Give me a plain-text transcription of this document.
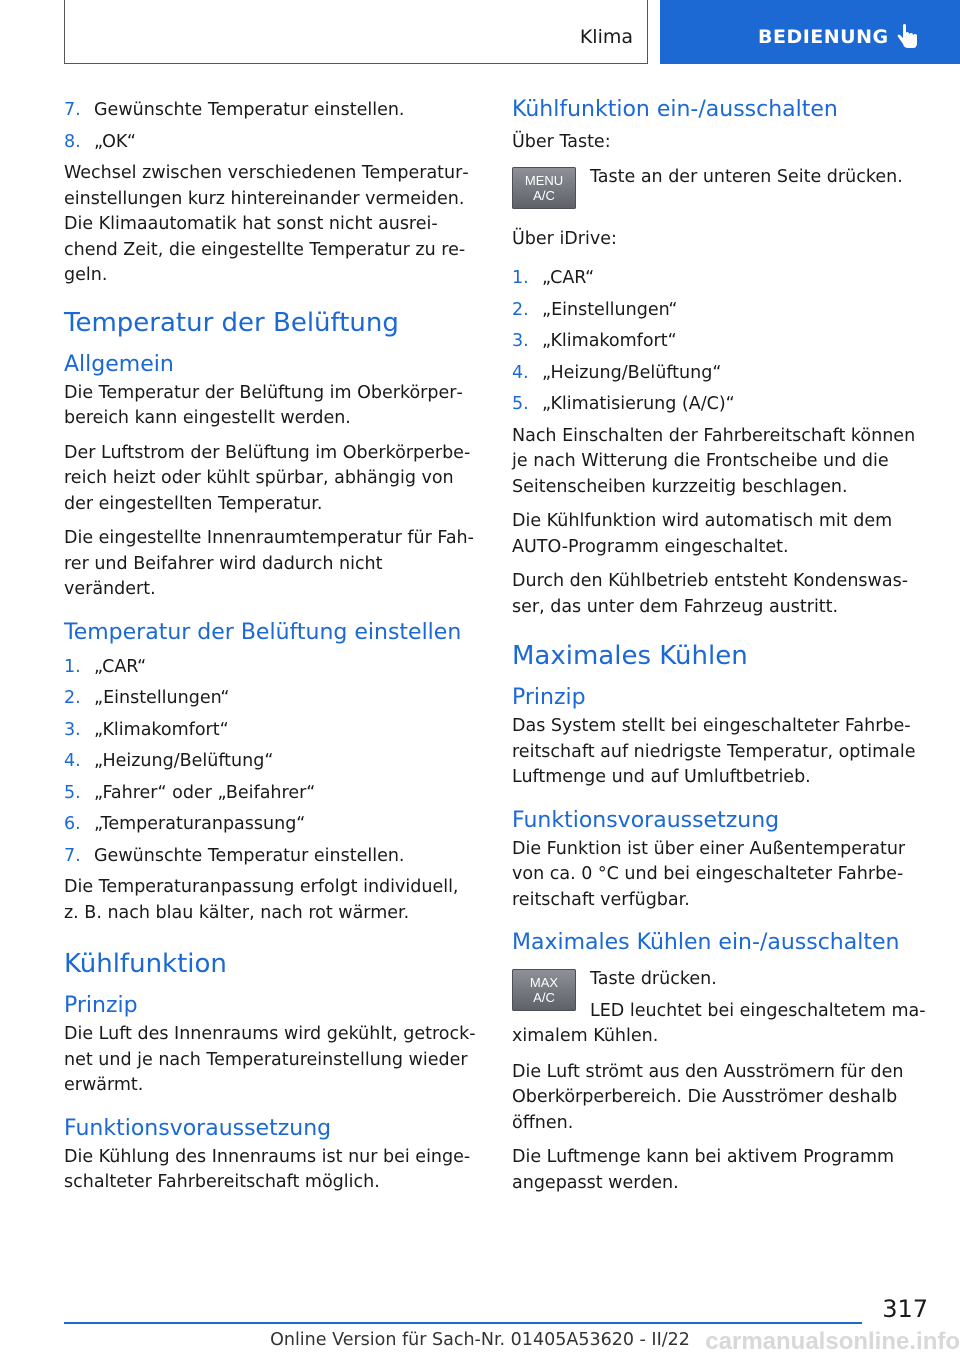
Klima	BEDIENUNG
7. Gewünschte Temperatur einstellen.
8. „OK“

Wechsel zwischen verschiedenen Temperatureinstellungen kurz hintereinander vermeiden. Die Klimaautomatik hat sonst nicht ausreichend Zeit, die eingestellte Temperatur zu regeln.

Temperatur der Belüftung
Allgemein

Die Temperatur der Belüftung im Oberkörperbereich kann eingestellt werden.

Der Luftstrom der Belüftung im Oberkörperbereich heizt oder kühlt spürbar, abhängig von der eingestellten Temperatur.

Die eingestellte Innenraumtemperatur für Fahrer und Beifahrer wird dadurch nicht verändert.

Temperatur der Belüftung einstellen
1. „CAR“
2. „Einstellungen“
3. „Klimakomfort“
4. „Heizung/Belüftung“
5. „Fahrer“ oder „Beifahrer“
6. „Temperaturanpassung“
7. Gewünschte Temperatur einstellen.

Die Temperaturanpassung erfolgt individuell, z. B. nach blau kälter, nach rot wärmer.

Kühlfunktion
Prinzip

Die Luft des Innenraums wird gekühlt, getrocknet und je nach Temperatureinstellung wieder erwärmt.

Funktionsvoraussetzung

Die Kühlung des Innenraums ist nur bei eingeschalteter Fahrbereitschaft möglich.

Kühlfunktion ein-/ausschalten

Über Taste:

MENU
A/C

Taste an der unteren Seite drücken.

Über iDrive:

1. „CAR“
2. „Einstellungen“
3. „Klimakomfort“
4. „Heizung/Belüftung“
5. „Klimatisierung (A/C)“

Nach Einschalten der Fahrbereitschaft können je nach Witterung die Frontscheibe und die Seitenscheiben kurzzeitig beschlagen.

Die Kühlfunktion wird automatisch mit dem AUTO-Programm eingeschaltet.

Durch den Kühlbetrieb entsteht Kondenswasser, das unter dem Fahrzeug austritt.

Maximales Kühlen
Prinzip

Das System stellt bei eingeschalteter Fahrbereitschaft auf niedrigste Temperatur, optimale Luftmenge und auf Umluftbetrieb.

Funktionsvoraussetzung

Die Funktion ist über einer Außentemperatur von ca. 0 °C und bei eingeschalteter Fahrbereitschaft verfügbar.

Maximales Kühlen ein-/ausschalten
MAX
A/C

Taste drücken.

LED leuchtet bei eingeschaltetem maximalem Kühlen.

Die Luft strömt aus den Ausströmern für den Oberkörperbereich. Die Ausströmer deshalb öffnen.

Die Luftmenge kann bei aktivem Programm angepasst werden.

317
Online Version für Sach-Nr. 01405A53620 - II/22 carmanualsonline.info
